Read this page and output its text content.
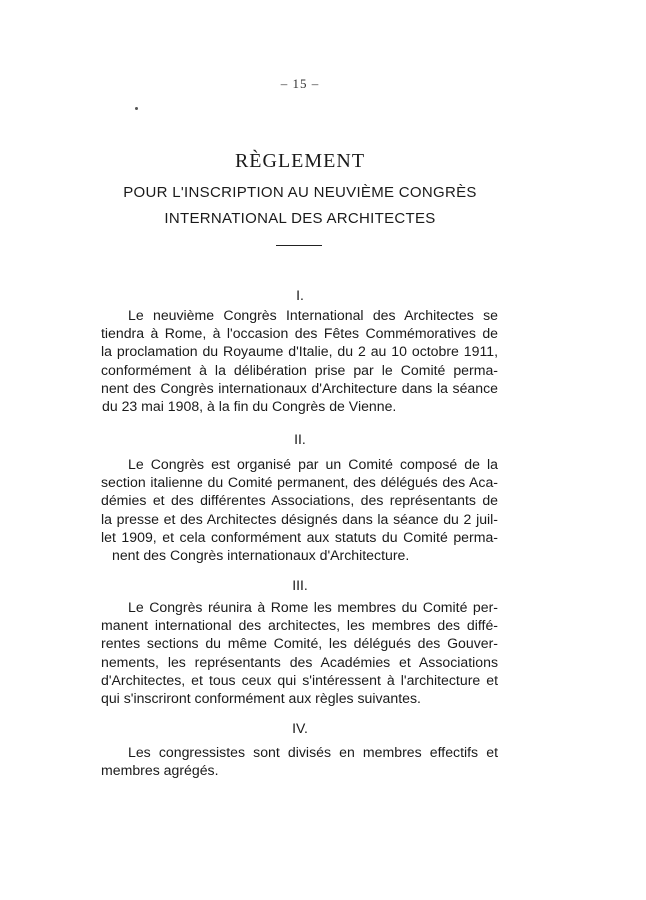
– 15 –
RÈGLEMENT
POUR L'INSCRIPTION AU NEUVIÈME CONGRÈS
INTERNATIONAL DES ARCHITECTES
I.

Le neuvième Congrès International des Architectes se
tiendra à Rome, à l'occasion des Fêtes Commémoratives de
la proclamation du Royaume d'Italie, du 2 au 10 octobre 1911,
conformément à la délibération prise par le Comité perma-
nent des Congrès internationaux d'Architecture dans la séance
du 23 mai 1908, à la fin du Congrès de Vienne.

II.

Le Congrès est organisé par un Comité composé de la
section italienne du Comité permanent, des délégués des Aca-
démies et des différentes Associations, des représentants de
la presse et des Architectes désignés dans la séance du 2 juil-
let 1909, et cela conformément aux statuts du Comité perma-
nent des Congrès internationaux d'Architecture.

III.

Le Congrès réunira à Rome les membres du Comité per-
manent international des architectes, les membres des diffé-
rentes sections du même Comité, les délégués des Gouver-
nements, les représentants des Académies et Associations
d'Architectes, et tous ceux qui s'intéressent à l'architecture et
qui s'inscriront conformément aux règles suivantes.

IV.

Les congressistes sont divisés en membres effectifs et
membres agrégés.
